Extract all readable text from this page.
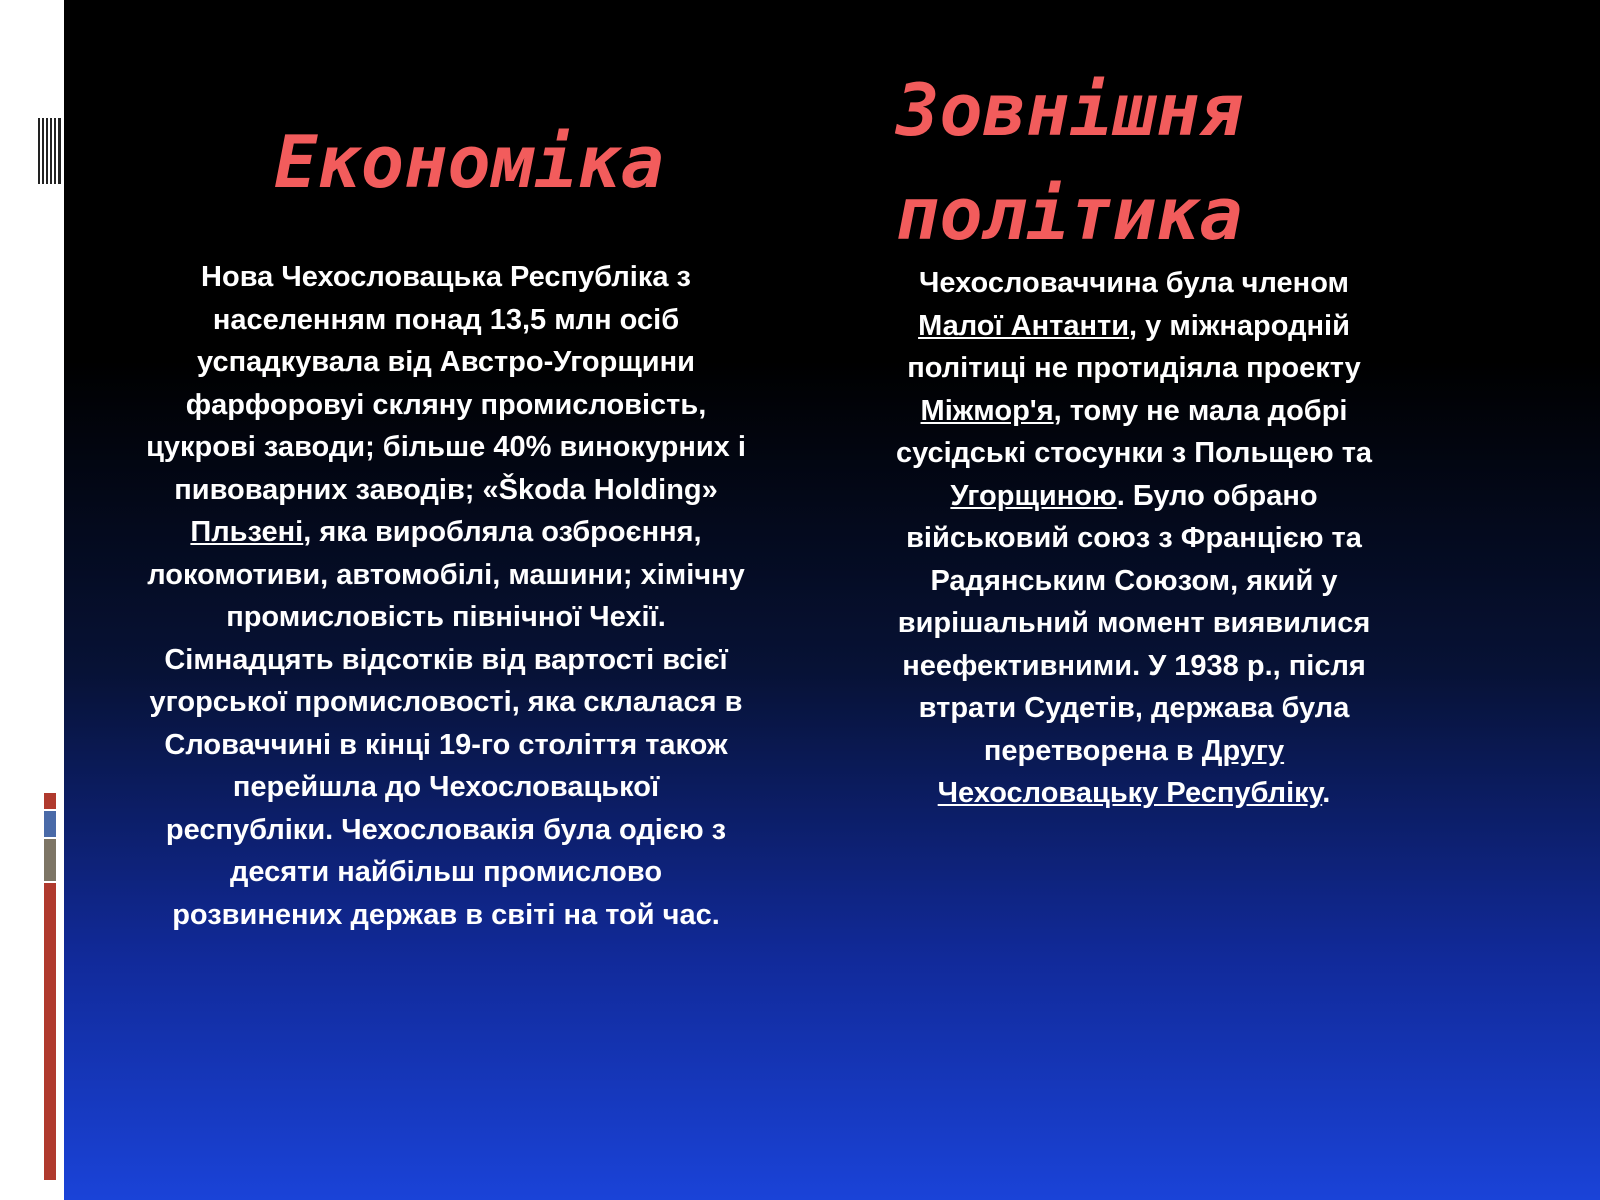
Економіка

Нова Чехословацька Республіка з населенням понад 13,5 млн осіб успадкувала від Австро-Угорщини фарфоровуі скляну промисловість, цукрові заводи; більше 40% винокурних і пивоварних заводів; «Škoda Holding» Пльзені, яка виробляла озброєння, локомотиви, автомобілі, машини; хімічну промисловість північної Чехії. Сімнадцять відсотків від вартості всієї угорської промисловості, яка склалася в Словаччині в кінці 19-го століття також перейшла до Чехословацької республіки. Чехословакія була одією з десяти найбільш промислово розвинених держав в світі на той час.

Зовнішня
політика

Чехословаччина була членом Малої Антанти, у міжнародній політиці не протидіяла проекту Міжмор'я, тому не мала добрі сусідські стосунки з Польщею та Угорщиною. Було обрано військовий союз з Францією та Радянським Союзом, який у вирішальний момент виявилися неефективними. У 1938 р., після втрати Судетів, держава була перетворена в Другу Чехословацьку Республіку.
